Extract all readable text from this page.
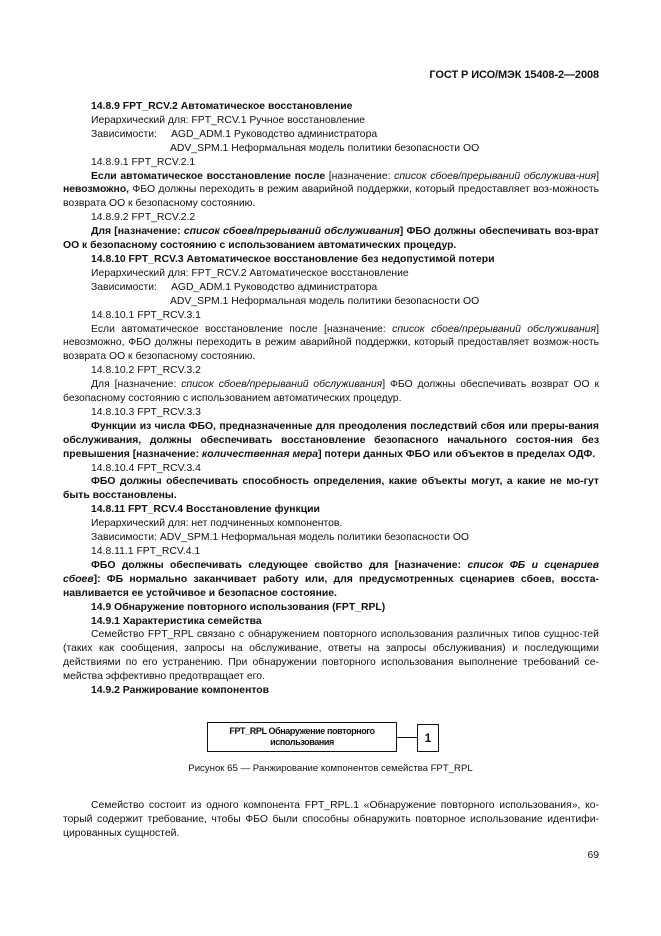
ГОСТ Р ИСО/МЭК 15408-2—2008

14.8.9 FPT_RCV.2 Автоматическое восстановление

Иерархический для: FPT_RCV.1 Ручное восстановление

Зависимости: AGD_ADM.1 Руководство администратора

ADV_SPM.1 Неформальная модель политики безопасности ОО

14.8.9.1 FPT_RCV.2.1

Если автоматическое восстановление после [назначение: список сбоев/прерываний обслужива-ния] невозможно, ФБО должны переходить в режим аварийной поддержки, который предоставляет воз-можность возврата ОО к безопасному состоянию.

14.8.9.2 FPT_RCV.2.2

Для [назначение: список сбоев/прерываний обслуживания] ФБО должны обеспечивать воз-врат ОО к безопасному состоянию с использованием автоматических процедур.

14.8.10 FPT_RCV.3 Автоматическое восстановление без недопустимой потери

Иерархический для: FPT_RCV.2 Автоматическое восстановление

Зависимости: AGD_ADM.1 Руководство администратора

ADV_SPM.1 Неформальная модель политики безопасности ОО

14.8.10.1 FPT_RCV.3.1

Если автоматическое восстановление после [назначение: список сбоев/прерываний обслуживания] невозможно, ФБО должны переходить в режим аварийной поддержки, который предоставляет возмож-ность возврата ОО к безопасному состоянию.

14.8.10.2 FPT_RCV.3.2

Для [назначение: список сбоев/прерываний обслуживания] ФБО должны обеспечивать возврат ОО к безопасному состоянию с использованием автоматических процедур.

14.8.10.3 FPT_RCV.3.3

Функции из числа ФБО, предназначенные для преодоления последствий сбоя или преры-вания обслуживания, должны обеспечивать восстановление безопасного начального состоя-ния без превышения [назначение: количественная мера] потери данных ФБО или объектов в пределах ОДФ.

14.8.10.4 FPT_RCV.3.4

ФБО должны обеспечивать способность определения, какие объекты могут, а какие не мо-гут быть восстановлены.

14.8.11 FPT_RCV.4 Восстановление функции

Иерархический для: нет подчиненных компонентов.

Зависимости: ADV_SPM.1 Неформальная модель политики безопасности ОО

14.8.11.1 FPT_RCV.4.1

ФБО должны обеспечивать следующее свойство для [назначение: список ФБ и сценариев сбоев]: ФБ нормально заканчивает работу или, для предусмотренных сценариев сбоев, восста-навливается ее устойчивое и безопасное состояние.

14.9 Обнаружение повторного использования (FPT_RPL)

14.9.1 Характеристика семейства

Семейство FPT_RPL связано с обнаружением повторного использования различных типов сущнос-тей (таких как сообщения, запросы на обслуживание, ответы на запросы обслуживания) и последующими действиями по его устранению. При обнаружении повторного использования выполнение требований се-мейства эффективно предотвращает его.

14.9.2 Ранжирование компонентов

FPT_RPL Обнаружение повторного использования	1
Рисунок 65 — Ранжирование компонентов семейства FPT_RPL

Семейство состоит из одного компонента FPT_RPL.1 «Обнаружение повторного использования», ко-торый содержит требование, чтобы ФБО были способны обнаружить повторное использование идентифи-цированных сущностей.

69
